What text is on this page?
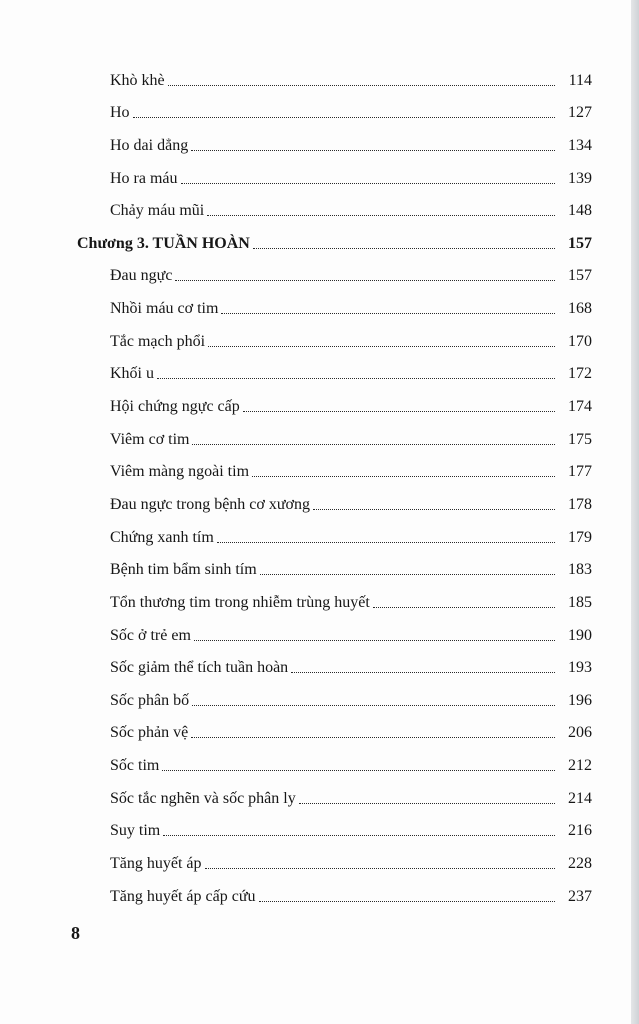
Khò khè	114
Ho	127
Ho dai dẳng	134
Ho ra máu	139
Chảy máu mũi	148
Chương 3. TUẦN HOÀN	157
Đau ngực	157
Nhồi máu cơ tim	168
Tắc mạch phổi	170
Khối u	172
Hội chứng ngực cấp	174
Viêm cơ tim	175
Viêm màng ngoài tim	177
Đau ngực trong bệnh cơ xương	178
Chứng xanh tím	179
Bệnh tim bẩm sinh tím	183
Tổn thương tim trong nhiễm trùng huyết	185
Sốc ở trẻ em	190
Sốc giảm thể tích tuần hoàn	193
Sốc phân bố	196
Sốc phản vệ	206
Sốc tim	212
Sốc tắc nghẽn và sốc phân ly	214
Suy tim	216
Tăng huyết áp	228
Tăng huyết áp cấp cứu	237
8
